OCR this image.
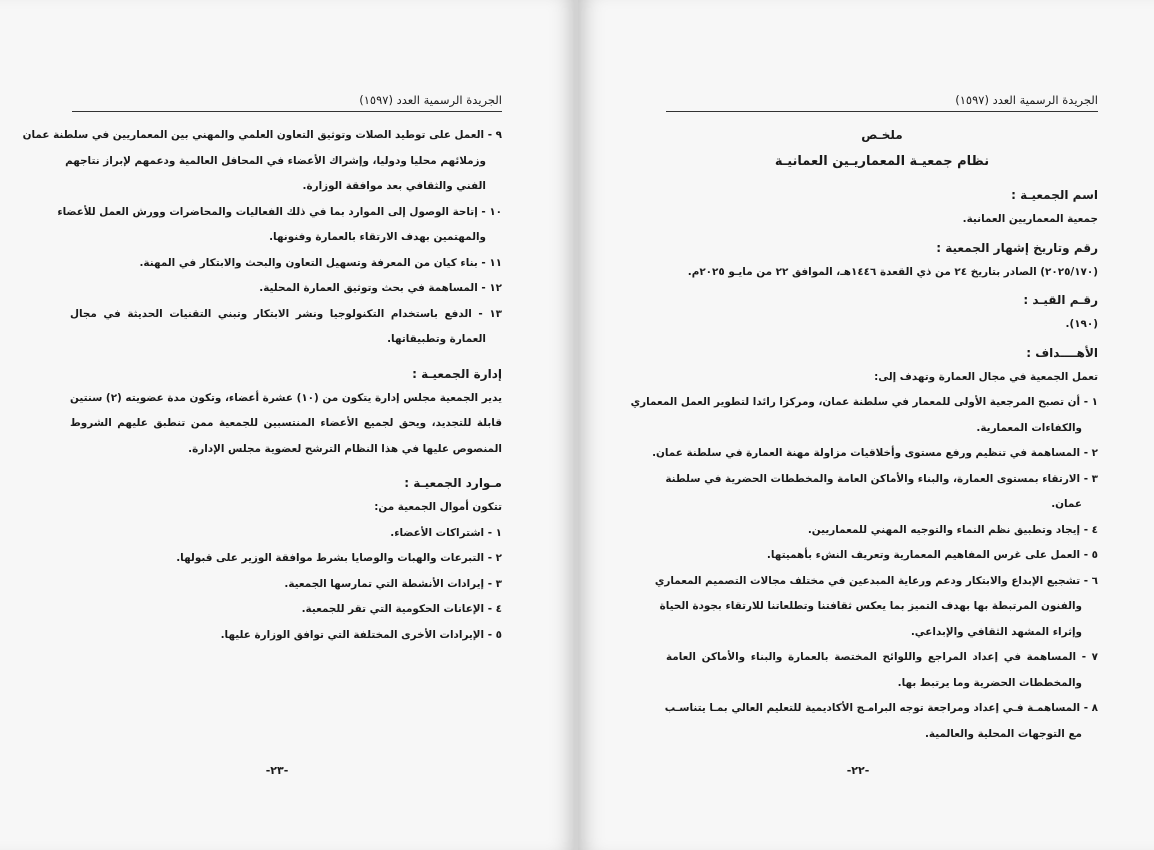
الجريدة الرسمية العدد (١٥٩٧)
٩ - العمل على توطيد الصلات وتوثيق التعاون العلمي والمهني بين المعماريين في سلطنة عمان
وزملائهم محليا ودوليا، وإشراك الأعضاء في المحافل العالمية ودعمهم لإبراز نتاجهم
الفني والثقافي بعد موافقة الوزارة.
١٠ - إتاحة الوصول إلى الموارد بما في ذلك الفعاليات والمحاضرات وورش العمل للأعضاء
والمهتمين بهدف الارتقاء بالعمارة وفنونها.
١١ - بناء كيان من المعرفة وتسهيل التعاون والبحث والابتكار في المهنة.
١٢ - المساهمة في بحث وتوثيق العمارة المحلية.
١٣ - الدفع باستخدام التكنولوجيا ونشر الابتكار وتبني التقنيات الحديثة في مجال
العمارة وتطبيقاتها.
إدارة الجمعيـة :
يدير الجمعية مجلس إدارة يتكون من (١٠) عشرة أعضاء، وتكون مدة عضويته (٢) سنتين
قابلة للتجديد، ويحق لجميع الأعضاء المنتسبين للجمعية ممن تنطبق عليهم الشروط
المنصوص عليها في هذا النظام الترشح لعضوية مجلس الإدارة.
مـوارد الجمعيـة :
تتكون أموال الجمعية من:
١ - اشتراكات الأعضاء.
٢ - التبرعات والهبات والوصايا بشرط موافقة الوزير على قبولها.
٣ - إيرادات الأنشطة التي تمارسها الجمعية.
٤ - الإعانات الحكومية التي تقر للجمعية.
٥ - الإيرادات الأخرى المختلفة التي توافق الوزارة عليها.
-٢٣-
الجريدة الرسمية العدد (١٥٩٧)
ملخـص
نظام جمعيـة المعماريـين العمانيـة
اسم الجمعيـة :
جمعية المعماريين العمانية.
رقم وتاريخ إشهار الجمعية :
(٢٠٢٥/١٧٠) الصادر بتاريخ ٢٤ من ذي القعدة ١٤٤٦هـ، الموافق ٢٢ من مايـو ٢٠٢٥م.
رقـم القيـد :
(١٩٠).
الأهــــداف :
تعمل الجمعية في مجال العمارة وتهدف إلى:
١ - أن تصبح المرجعية الأولى للمعمار في سلطنة عمان، ومركزا رائدا لتطوير العمل المعماري
والكفاءات المعمارية.
٢ - المساهمة في تنظيم ورفع مستوى وأخلاقيات مزاولة مهنة العمارة في سلطنة عمان.
٣ - الارتقاء بمستوى العمارة، والبناء والأماكن العامة والمخططات الحضرية في سلطنة
عمان.
٤ - إيجاد وتطبيق نظم النماء والتوجيه المهني للمعماريين.
٥ - العمل على غرس المفاهيم المعمارية وتعريف النشء بأهميتها.
٦ - تشجيع الإبداع والابتكار ودعم ورعاية المبدعين في مختلف مجالات التصميم المعماري
والفنون المرتبطة بها بهدف التميز بما يعكس ثقافتنا وتطلعاتنا للارتقاء بجودة الحياة
وإثراء المشهد الثقافي والإبداعي.
٧ - المساهمة في إعداد المراجع واللوائح المختصة بالعمارة والبناء والأماكن العامة
والمخططات الحضرية وما يرتبط بها.
٨ - المساهمـة فـي إعداد ومراجعة توجه البرامـج الأكاديمية للتعليم العالي بمـا يتناسـب
مع التوجهات المحلية والعالمية.
-٢٢-
